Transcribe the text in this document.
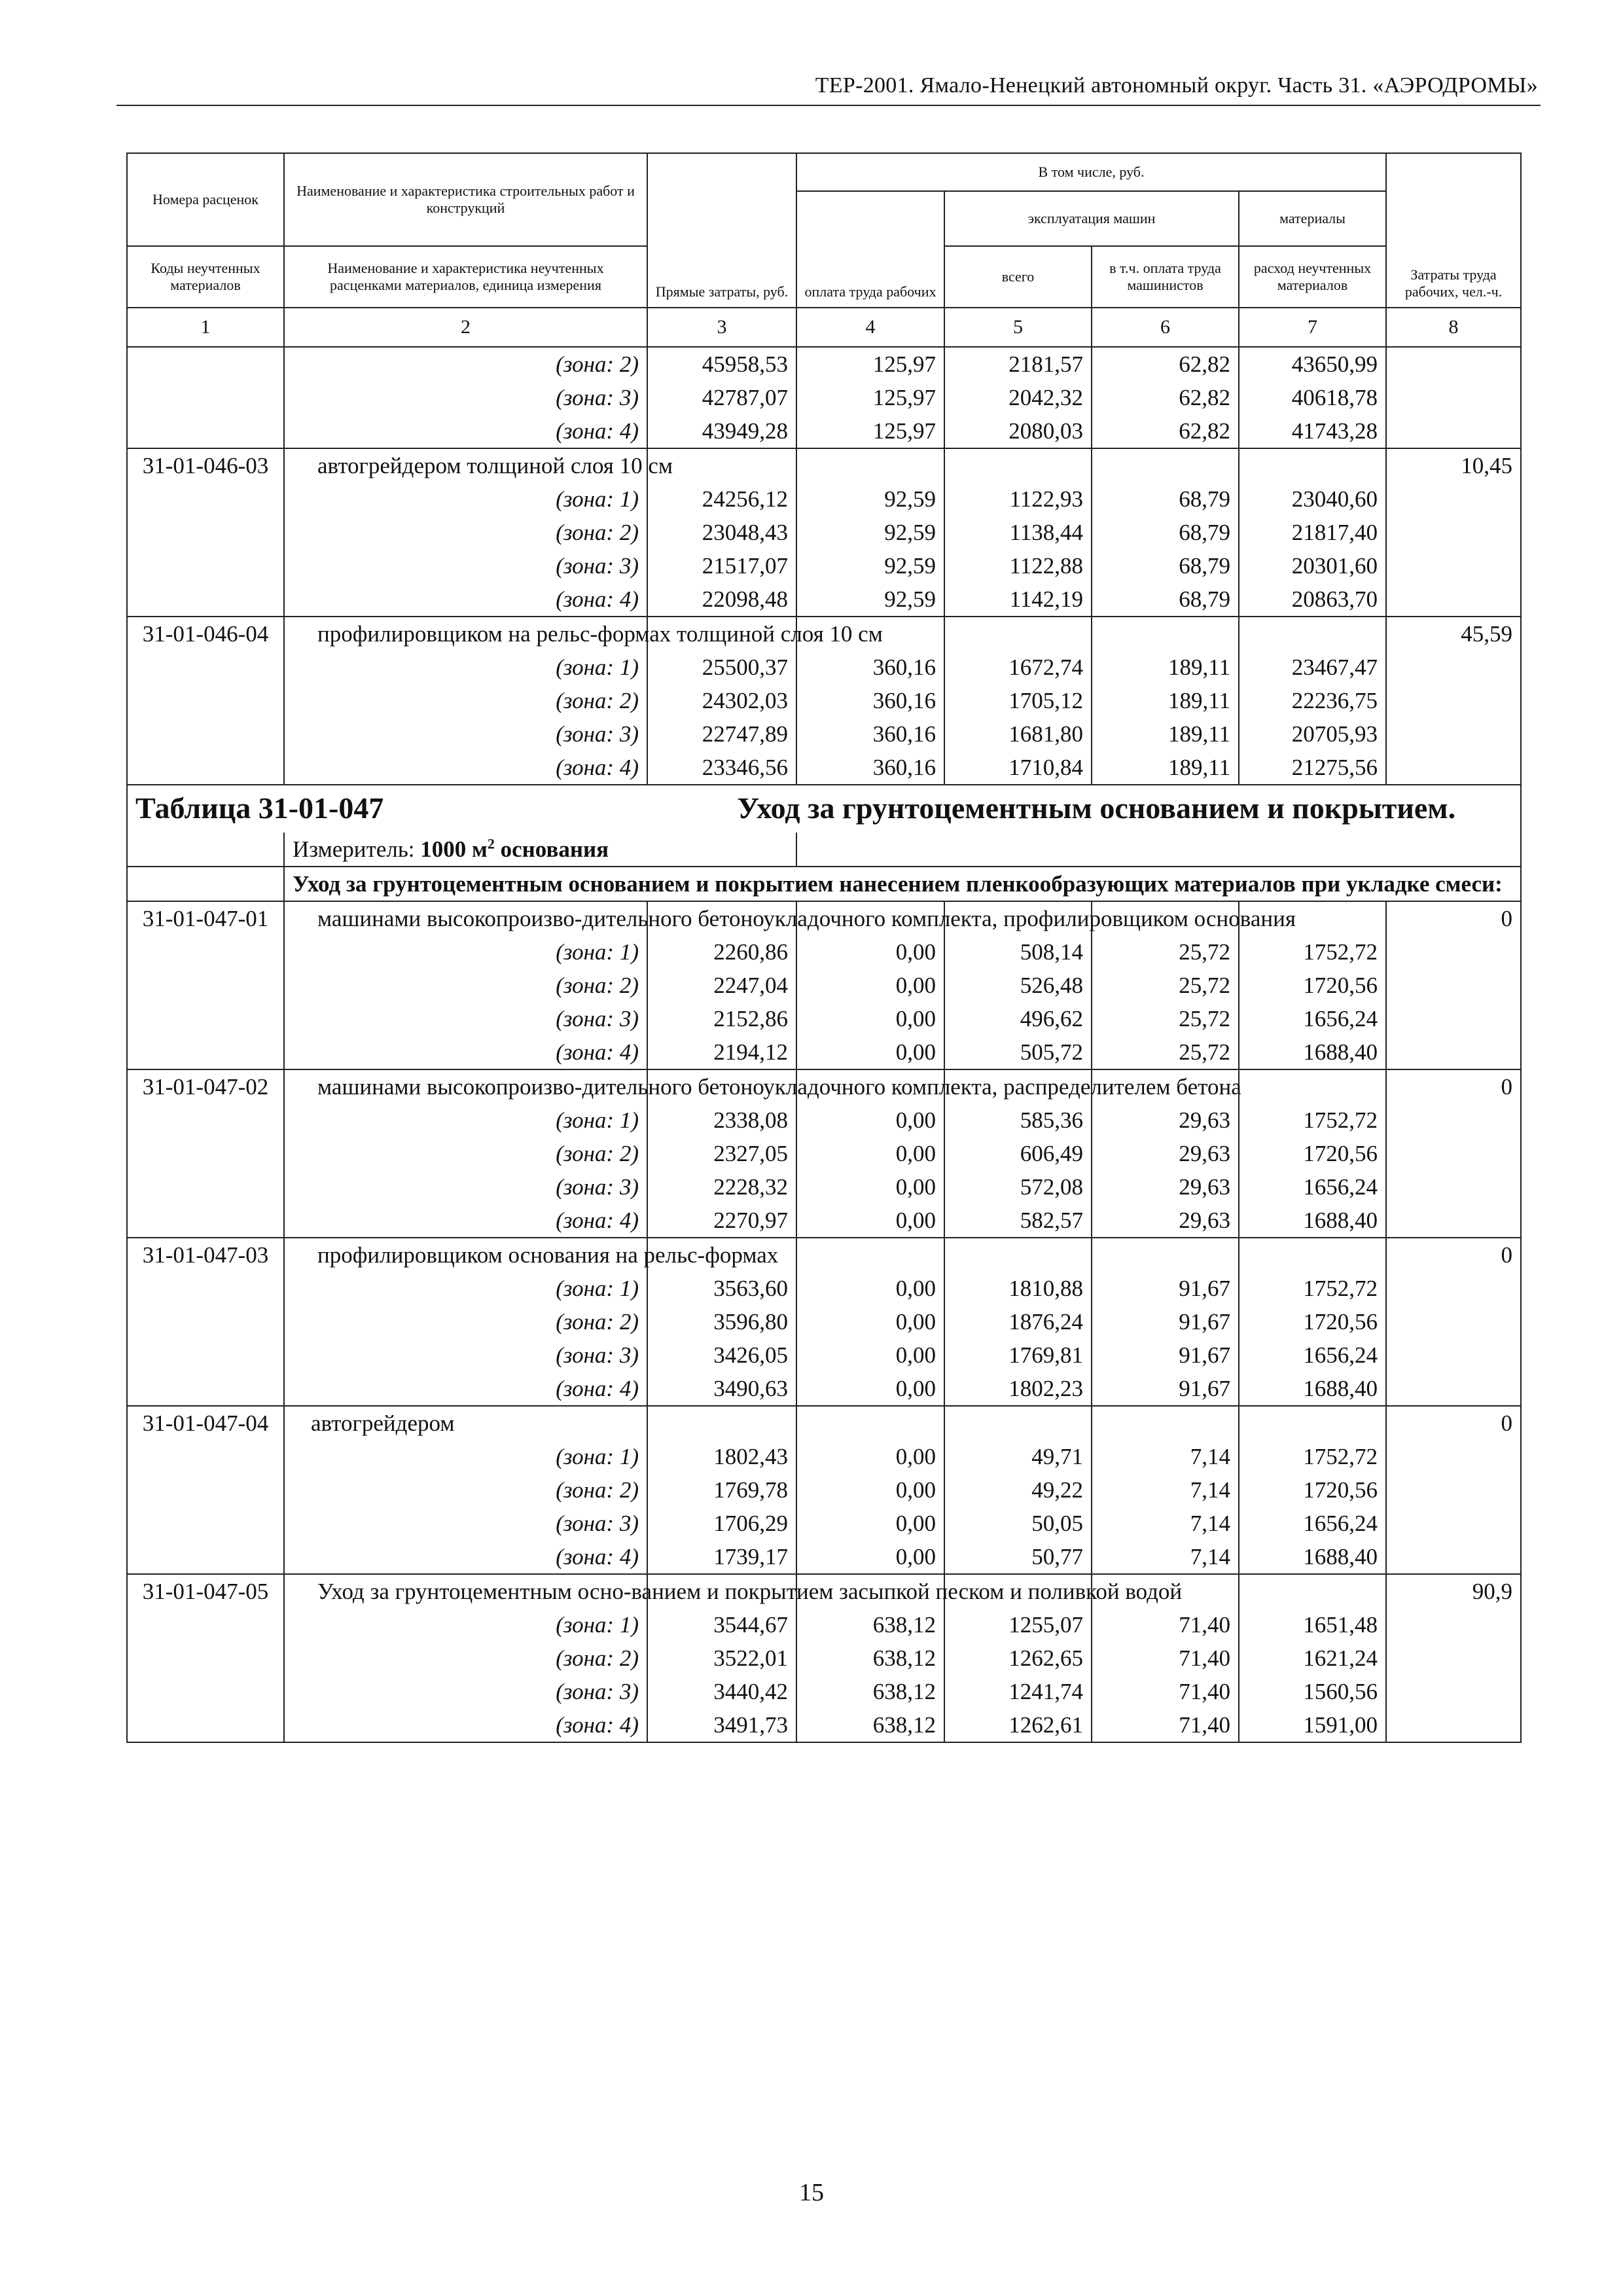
ТЕР-2001. Ямало-Ненецкий автономный округ. Часть 31. «АЭРОДРОМЫ»
Номера расценок	Наименование и характеристика строительных работ и конструкций	Прямые затраты, руб.	В том числе, руб.				Затраты труда рабочих, чел.-ч.
			оплата труда рабочих	эксплуатация машин		материалы	
Коды неучтенных материалов	Наименование и характеристика неучтенных расценками материалов, единица измерения			всего	в т.ч. оплата труда машинистов	расход неучтенных материалов	
1	2	3	4	5	6	7	8
	(зона: 2)	45958,53	125,97	2181,57	62,82	43650,99	
	(зона: 3)	42787,07	125,97	2042,32	62,82	40618,78	
	(зона: 4)	43949,28	125,97	2080,03	62,82	41743,28	
31-01-046-03	автогрейдером толщиной слоя 10 см						10,45
	(зона: 1)	24256,12	92,59	1122,93	68,79	23040,60	
	(зона: 2)	23048,43	92,59	1138,44	68,79	21817,40	
	(зона: 3)	21517,07	92,59	1122,88	68,79	20301,60	
	(зона: 4)	22098,48	92,59	1142,19	68,79	20863,70	
31-01-046-04	профилировщиком на рельс-формах толщиной слоя 10 см						45,59
	(зона: 1)	25500,37	360,16	1672,74	189,11	23467,47	
	(зона: 2)	24302,03	360,16	1705,12	189,11	22236,75	
	(зона: 3)	22747,89	360,16	1681,80	189,11	20705,93	
	(зона: 4)	23346,56	360,16	1710,84	189,11	21275,56	
Таблица 31-01-047 Уход за грунтоцементным основанием и покрытием.							
	Измеритель: 1000 $м^2$ основания						
	Уход за грунтоцементным основанием и покрытием нанесением пленкообразующих материалов при укладке смеси:						
31-01-047-01	машинами высокопроизво-дительного бетоноукладочного комплекта, профилировщиком основания						0
	(зона: 1)	2260,86	0,00	508,14	25,72	1752,72	
	(зона: 2)	2247,04	0,00	526,48	25,72	1720,56	
	(зона: 3)	2152,86	0,00	496,62	25,72	1656,24	
	(зона: 4)	2194,12	0,00	505,72	25,72	1688,40	
31-01-047-02	машинами высокопроизво-дительного бетоноукладочного комплекта, распределителем бетона						0
	(зона: 1)	2338,08	0,00	585,36	29,63	1752,72	
	(зона: 2)	2327,05	0,00	606,49	29,63	1720,56	
	(зона: 3)	2228,32	0,00	572,08	29,63	1656,24	
	(зона: 4)	2270,97	0,00	582,57	29,63	1688,40	
31-01-047-03	профилировщиком основания на рельс-формах						0
	(зона: 1)	3563,60	0,00	1810,88	91,67	1752,72	
	(зона: 2)	3596,80	0,00	1876,24	91,67	1720,56	
	(зона: 3)	3426,05	0,00	1769,81	91,67	1656,24	
	(зона: 4)	3490,63	0,00	1802,23	91,67	1688,40	
31-01-047-04	автогрейдером						0
	(зона: 1)	1802,43	0,00	49,71	7,14	1752,72	
	(зона: 2)	1769,78	0,00	49,22	7,14	1720,56	
	(зона: 3)	1706,29	0,00	50,05	7,14	1656,24	
	(зона: 4)	1739,17	0,00	50,77	7,14	1688,40	
31-01-047-05	Уход за грунтоцементным осно-ванием и покрытием засыпкой песком и поливкой водой						90,9
	(зона: 1)	3544,67	638,12	1255,07	71,40	1651,48	
	(зона: 2)	3522,01	638,12	1262,65	71,40	1621,24	
	(зона: 3)	3440,42	638,12	1241,74	71,40	1560,56	
	(зона: 4)	3491,73	638,12	1262,61	71,40	1591,00	
15
